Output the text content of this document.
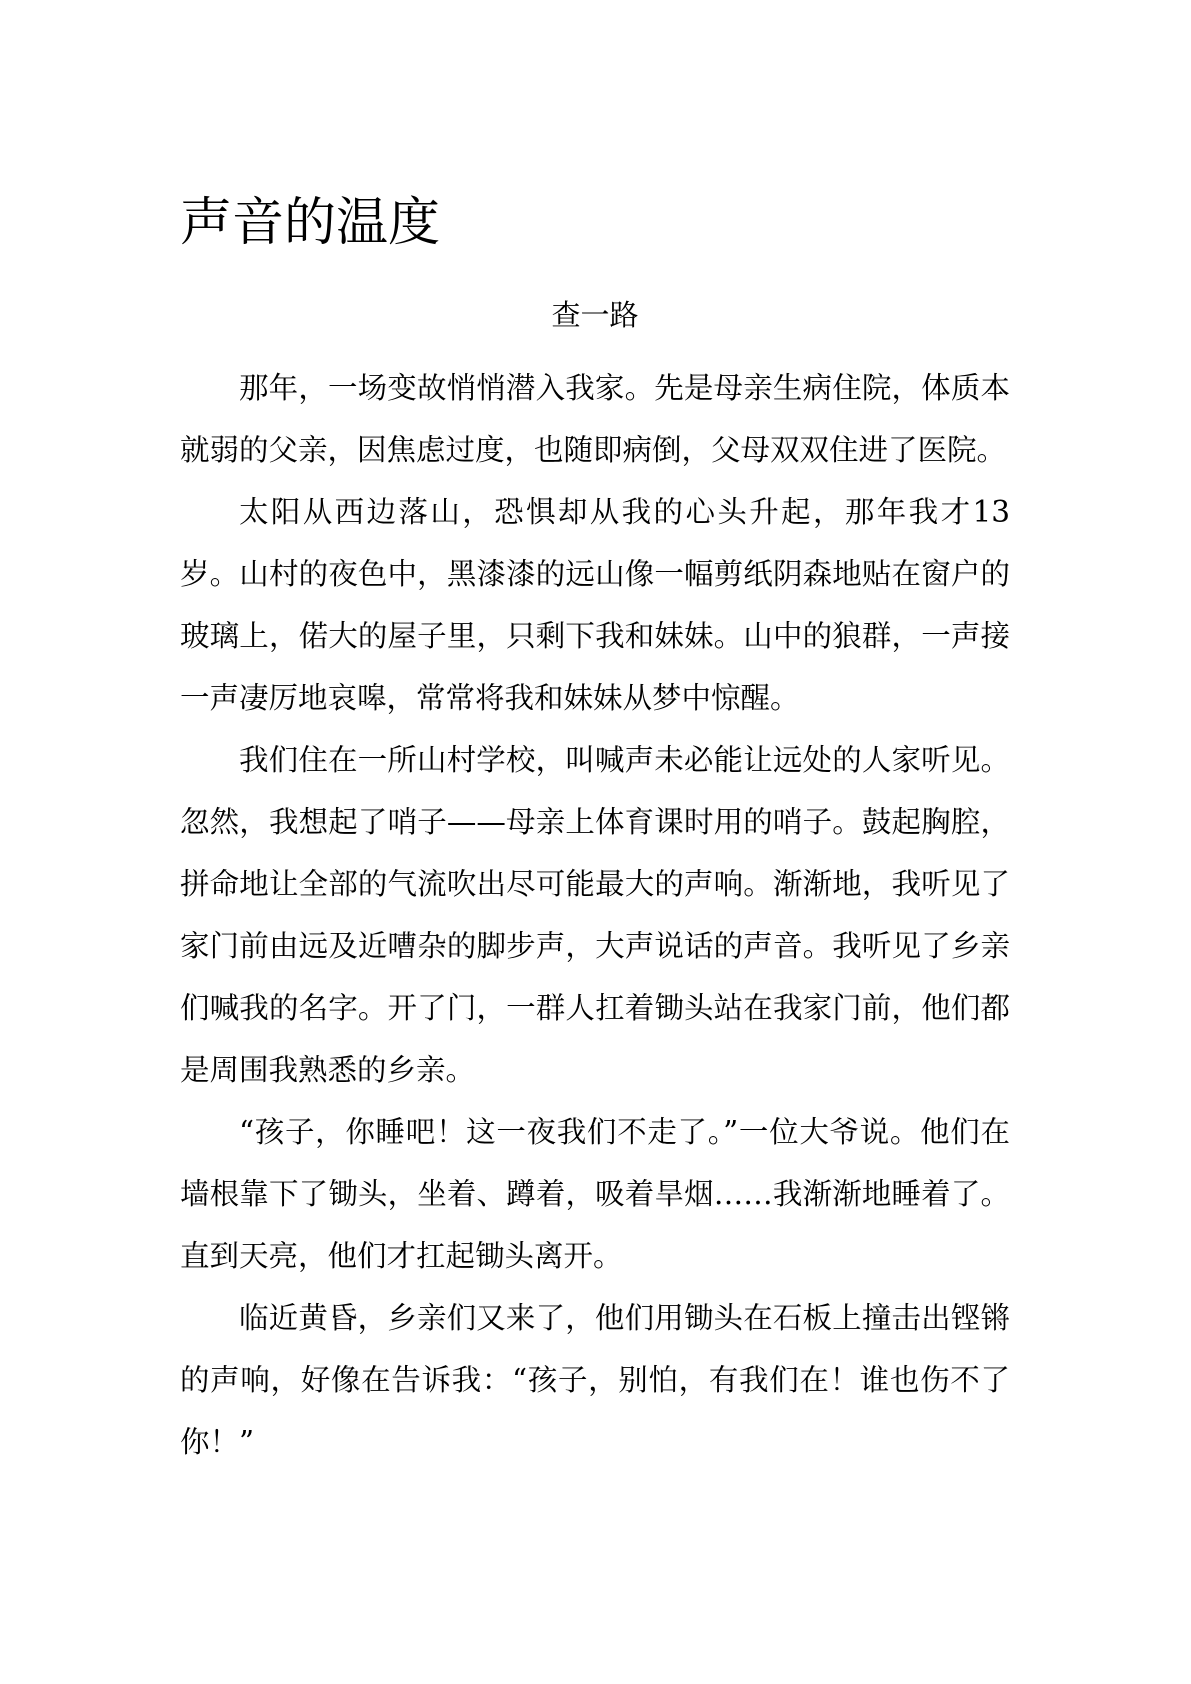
声音的温度

查一路

那年，一场变故悄悄潜入我家。先是母亲生病住院，体质本就弱的父亲，因焦虑过度，也随即病倒，父母双双住进了医院。

太阳从西边落山，恐惧却从我的心头升起，那年我才13岁。山村的夜色中，黑漆漆的远山像一幅剪纸阴森地贴在窗户的玻璃上，偌大的屋子里，只剩下我和妹妹。山中的狼群，一声接一声凄厉地哀嗥，常常将我和妹妹从梦中惊醒。

我们住在一所山村学校，叫喊声未必能让远处的人家听见。忽然，我想起了哨子——母亲上体育课时用的哨子。鼓起胸腔，拼命地让全部的气流吹出尽可能最大的声响。渐渐地，我听见了家门前由远及近嘈杂的脚步声，大声说话的声音。我听见了乡亲们喊我的名字。开了门，一群人扛着锄头站在我家门前，他们都是周围我熟悉的乡亲。

“孩子，你睡吧！这一夜我们不走了。”一位大爷说。他们在墙根靠下了锄头，坐着、蹲着，吸着旱烟……我渐渐地睡着了。直到天亮，他们才扛起锄头离开。

临近黄昏，乡亲们又来了，他们用锄头在石板上撞击出铿锵的声响，好像在告诉我：“孩子，别怕，有我们在！谁也伤不了你！”
